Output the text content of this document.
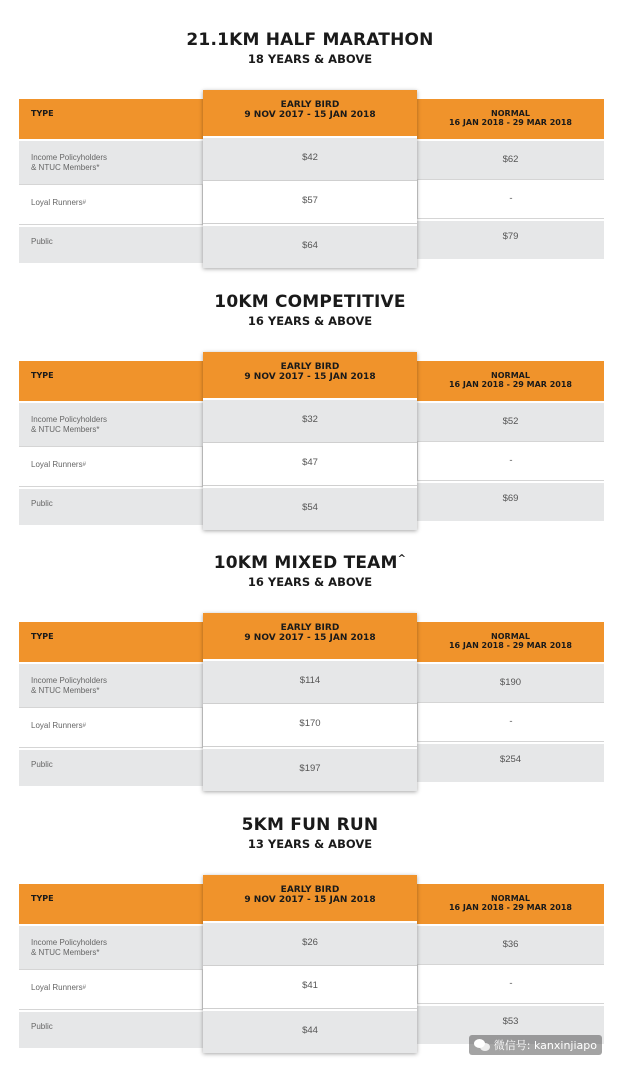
21.1KM HALF MARATHON
18 YEARS & ABOVE
TYPE
Income Policyholders
& NTUC Members*
Loyal Runners#
Public
EARLY BIRD
9 NOV 2017 - 15 JAN 2018
$42
$57
$64
NORMAL
16 JAN 2018 - 29 MAR 2018
$62
-
$79
10KM COMPETITIVE
16 YEARS & ABOVE
TYPE
Income Policyholders
& NTUC Members*
Loyal Runners#
Public
EARLY BIRD
9 NOV 2017 - 15 JAN 2018
$32
$47
$54
NORMAL
16 JAN 2018 - 29 MAR 2018
$52
-
$69
10KM MIXED TEAM^
16 YEARS & ABOVE
TYPE
Income Policyholders
& NTUC Members*
Loyal Runners#
Public
EARLY BIRD
9 NOV 2017 - 15 JAN 2018
$114
$170
$197
NORMAL
16 JAN 2018 - 29 MAR 2018
$190
-
$254
5KM FUN RUN
13 YEARS & ABOVE
TYPE
Income Policyholders
& NTUC Members*
Loyal Runners#
Public
EARLY BIRD
9 NOV 2017 - 15 JAN 2018
$26
$41
$44
NORMAL
16 JAN 2018 - 29 MAR 2018
$36
-
$53
微信号: kanxinjiapo
